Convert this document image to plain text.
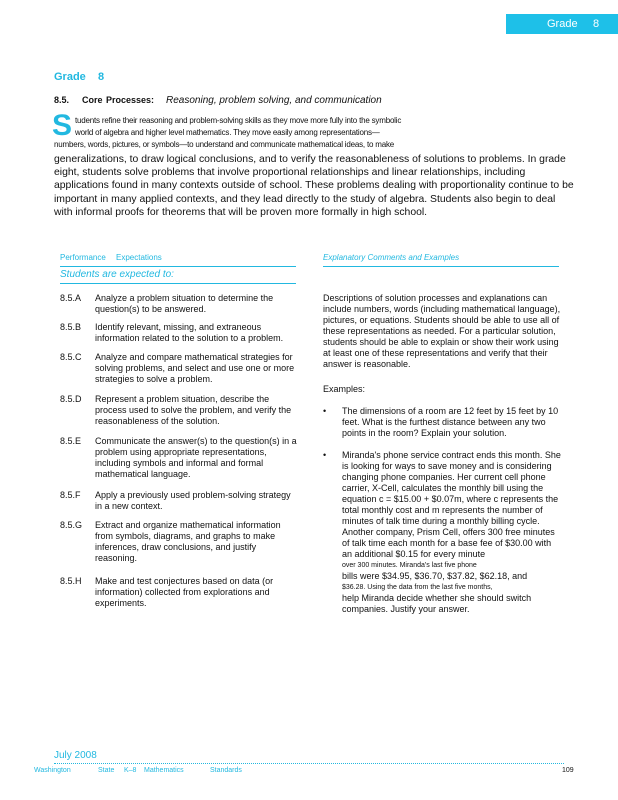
Grade 8
Grade 8
8.5. Core Processes: Reasoning, problem solving, and communication
S tudents refine their reasoning and problem-solving skills as they move more fully into the symbolic
world of algebra and higher level mathematics. They move easily among representations—
numbers, words, pictures, or symbols—to understand and communicate mathematical ideas, to make
generalizations, to draw logical conclusions, and to verify the reasonableness of solutions to problems. In grade eight, students solve problems that involve proportional relationships and linear relationships, including applications found in many contexts outside of school. These problems dealing with proportionality continue to be important in many applied contexts, and they lead directly to the study of algebra. Students also begin to deal with informal proofs for theorems that will be proven more formally in high school.
Performance Expectations
Students are expected to:
Explanatory Comments and Examples
8.5.A Analyze a problem situation to determine the question(s) to be answered.
8.5.B Identify relevant, missing, and extraneous information related to the solution to a problem.
8.5.C Analyze and compare mathematical strategies for solving problems, and select and use one or more strategies to solve a problem.
8.5.D Represent a problem situation, describe the process used to solve the problem, and verify the reasonableness of the solution.
8.5.E Communicate the answer(s) to the question(s) in a problem using appropriate representations, including symbols and informal and formal mathematical language.
8.5.F Apply a previously used problem-solving strategy in a new context.
8.5.G Extract and organize mathematical information from symbols, diagrams, and graphs to make inferences, draw conclusions, and justify reasoning.
8.5.H Make and test conjectures based on data (or information) collected from explorations and experiments.

Descriptions of solution processes and explanations can include numbers, words (including mathematical language), pictures, or equations. Students should be able to use all of these representations as needed. For a particular solution, students should be able to explain or show their work using at least one of these representations and verify that their answer is reasonable.

Examples:

• The dimensions of a room are 12 feet by 15 feet by 10 feet. What is the furthest distance between any two points in the room? Explain your solution.
• Miranda's phone service contract ends this month. She is looking for ways to save money and is considering changing phone companies. Her current cell phone carrier, X-Cell, calculates the monthly bill using the equation c = $15.00 + $0.07m, where c represents the total monthly cost and m represents the number of minutes of talk time during a monthly billing cycle. Another company, Prism Cell, offers 300 free minutes of talk time each month for a base fee of $30.00 with an additional $0.15 for every minute
over 300 minutes. Miranda's last five phone
bills were $34.95, $36.70, $37.82, $62.18, and
$36.28. Using the data from the last five months,
help Miranda decide whether she should switch companies. Justify your answer.
July 2008
Washington	State K–8 Mathematics	Standards	109
